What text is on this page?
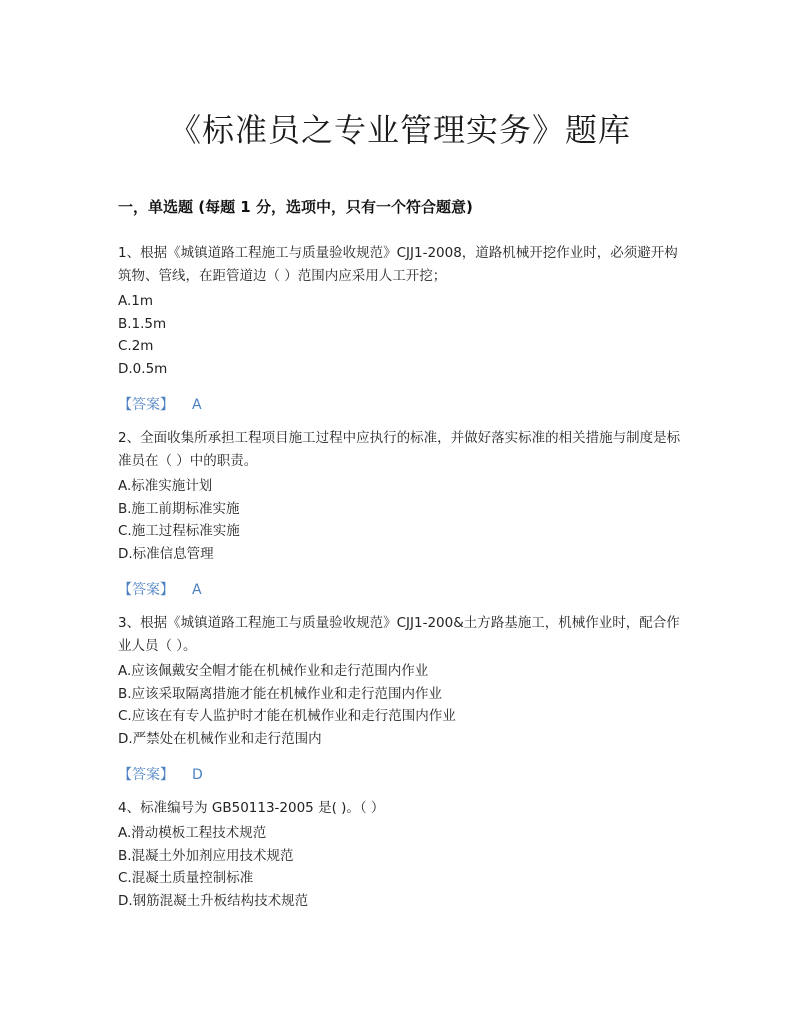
《标准员之专业管理实务》题库
一，单选题 (每题 1 分，选项中，只有一个符合题意)

1、根据《城镇道路工程施工与质量验收规范》CJJ1-2008，道路机械开挖作业时，必须避开构筑物、管线，在距管道边（ ）范围内应采用人工开挖；

A.1m

B.1.5m

C.2m

D.0.5m

【答案】 A

2、全面收集所承担工程项目施工过程中应执行的标准，并做好落实标准的相关措施与制度是标准员在（ ）中的职责。

A.标准实施计划

B.施工前期标准实施

C.施工过程标准实施

D.标准信息管理

【答案】 A

3、根据《城镇道路工程施工与质量验收规范》CJJ1-200&土方路基施工，机械作业时，配合作业人员（ ）。

A.应该佩戴安全帽才能在机械作业和走行范围内作业

B.应该采取隔离措施才能在机械作业和走行范围内作业

C.应该在有专人监护时才能在机械作业和走行范围内作业

D.严禁处在机械作业和走行范围内

【答案】 D

4、标准编号为 GB50113-2005 是( )。（ ）

A.滑动模板工程技术规范

B.混凝土外加剂应用技术规范

C.混凝土质量控制标准

D.钢筋混凝土升板结构技术规范
